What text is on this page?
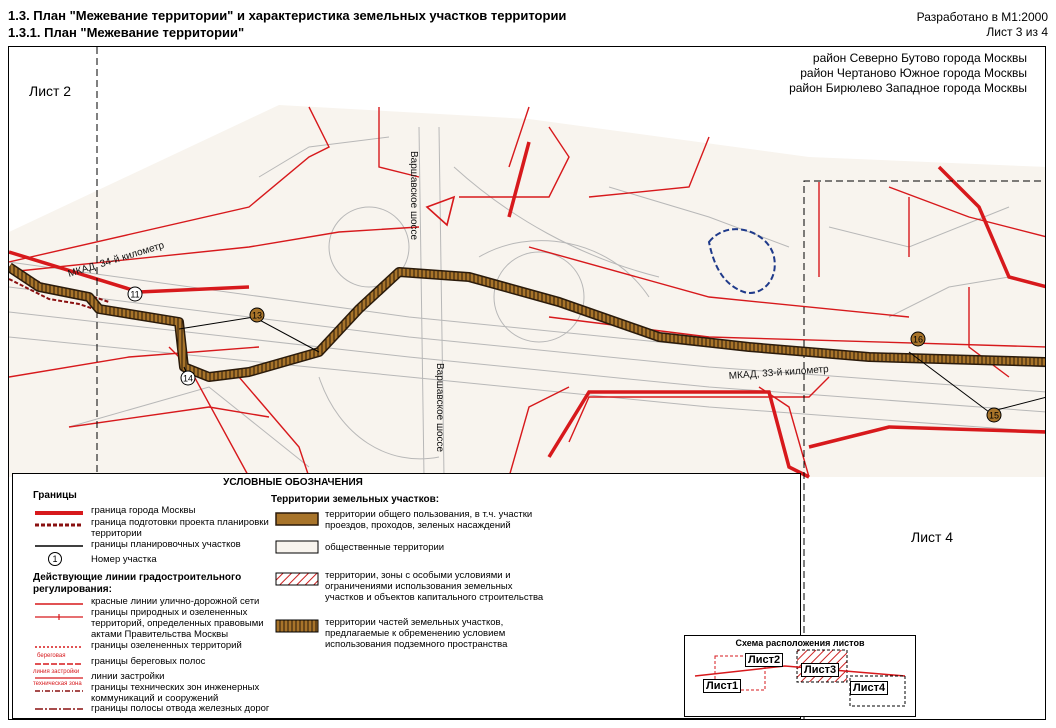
1.3. План "Межевание территории" и характеристика земельных участков территории
1.3.1. План "Межевание территории"
Разработано в М1:2000
Лист 3 из 4
МКАД, 34-й километр
МКАД, 33-й километр
Варшавское шоссе
Варшавское шоссе
11
13
14
16
15
район Северно Бутово города Москвы
район Чертаново Южное города Москвы
район Бирюлево Западное города Москвы
Лист 2
Лист 4
УСЛОВНЫЕ ОБОЗНАЧЕНИЯ
Границы
граница города Москвы
граница подготовки проекта планировки территории
границы планировочных участков
1	Номер участка
Действующие линии градостроительного регулирования:
красные линии улично-дорожной сети
границы природных и озелененных территорий, определенных правовыми актами Правительства Москвы
границы озелененных территорий
береговая	границы береговых полос
линия застройки линии застройки
техническая зона границы технических зон инженерных коммуникаций и сооружений
границы полосы отвода железных дорог
Территории земельных участков:
территории общего пользования, в т.ч. участки проездов, проходов, зеленых насаждений
общественные территории
территории, зоны с особыми условиями и ограничениями использования земельных участков и объектов капитального строительства
территории частей земельных участков, предлагаемые к обременению условием использования подземного пространства	Схема расположения листов
Лист1
Лист2
Лист3
Лист4
